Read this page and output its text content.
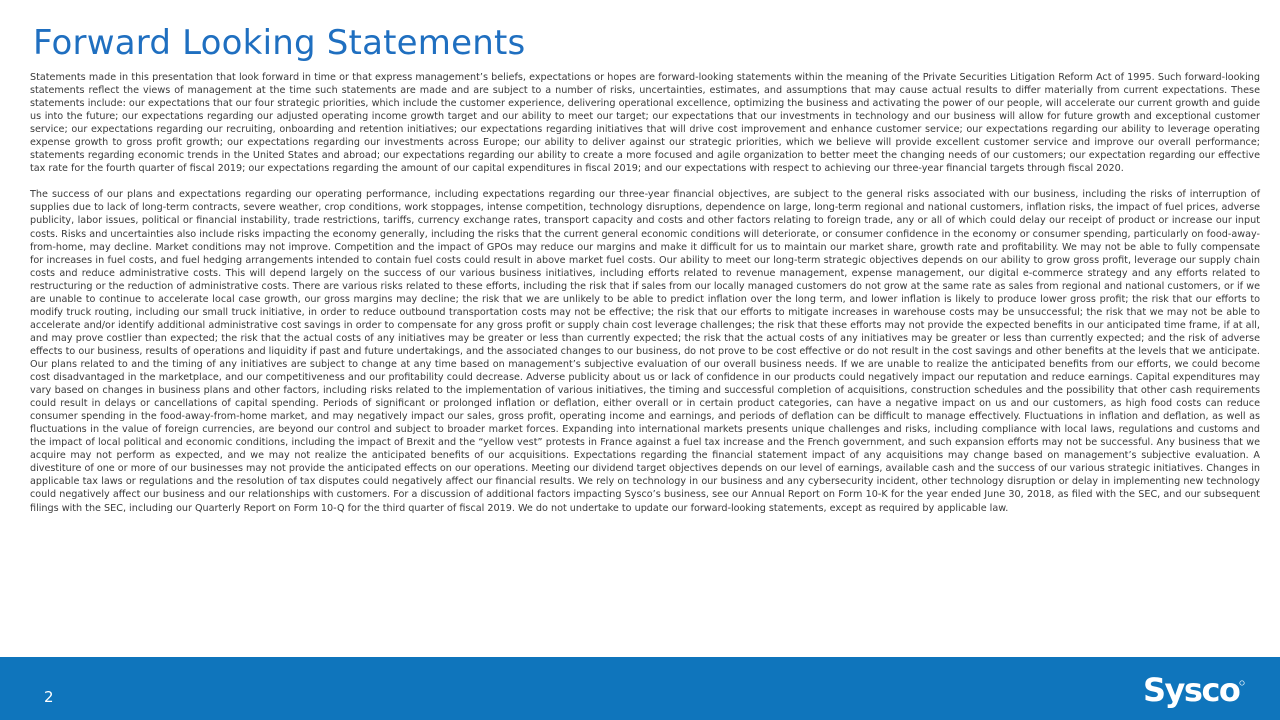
Forward Looking Statements

Statements made in this presentation that look forward in time or that express management’s beliefs, expectations or hopes are forward-looking statements within the meaning of the Private Securities Litigation Reform Act of 1995. Such forward-looking statements reflect the views of management at the time such statements are made and are subject to a number of risks, uncertainties, estimates, and assumptions that may cause actual results to differ materially from current expectations. These statements include: our expectations that our four strategic priorities, which include the customer experience, delivering operational excellence, optimizing the business and activating the power of our people, will accelerate our current growth and guide us into the future; our expectations regarding our adjusted operating income growth target and our ability to meet our target; our expectations that our investments in technology and our business will allow for future growth and exceptional customer service; our expectations regarding our recruiting, onboarding and retention initiatives; our expectations regarding initiatives that will drive cost improvement and enhance customer service; our expectations regarding our ability to leverage operating expense growth to gross profit growth; our expectations regarding our investments across Europe; our ability to deliver against our strategic priorities, which we believe will provide excellent customer service and improve our overall performance; statements regarding economic trends in the United States and abroad; our expectations regarding our ability to create a more focused and agile organization to better meet the changing needs of our customers; our expectation regarding our effective tax rate for the fourth quarter of fiscal 2019; our expectations regarding the amount of our capital expenditures in fiscal 2019; and our expectations with respect to achieving our three-year financial targets through fiscal 2020.

The success of our plans and expectations regarding our operating performance, including expectations regarding our three-year financial objectives, are subject to the general risks associated with our business, including the risks of interruption of supplies due to lack of long-term contracts, severe weather, crop conditions, work stoppages, intense competition, technology disruptions, dependence on large, long-term regional and national customers, inflation risks, the impact of fuel prices, adverse publicity, labor issues, political or financial instability, trade restrictions, tariffs, currency exchange rates, transport capacity and costs and other factors relating to foreign trade, any or all of which could delay our receipt of product or increase our input costs. Risks and uncertainties also include risks impacting the economy generally, including the risks that the current general economic conditions will deteriorate, or consumer confidence in the economy or consumer spending, particularly on food-away-from-home, may decline. Market conditions may not improve. Competition and the impact of GPOs may reduce our margins and make it difficult for us to maintain our market share, growth rate and profitability. We may not be able to fully compensate for increases in fuel costs, and fuel hedging arrangements intended to contain fuel costs could result in above market fuel costs. Our ability to meet our long-term strategic objectives depends on our ability to grow gross profit, leverage our supply chain costs and reduce administrative costs. This will depend largely on the success of our various business initiatives, including efforts related to revenue management, expense management, our digital e-commerce strategy and any efforts related to restructuring or the reduction of administrative costs. There are various risks related to these efforts, including the risk that if sales from our locally managed customers do not grow at the same rate as sales from regional and national customers, or if we are unable to continue to accelerate local case growth, our gross margins may decline; the risk that we are unlikely to be able to predict inflation over the long term, and lower inflation is likely to produce lower gross profit; the risk that our efforts to modify truck routing, including our small truck initiative, in order to reduce outbound transportation costs may not be effective; the risk that our efforts to mitigate increases in warehouse costs may be unsuccessful; the risk that we may not be able to accelerate and/or identify additional administrative cost savings in order to compensate for any gross profit or supply chain cost leverage challenges; the risk that these efforts may not provide the expected benefits in our anticipated time frame, if at all, and may prove costlier than expected; the risk that the actual costs of any initiatives may be greater or less than currently expected; the risk that the actual costs of any initiatives may be greater or less than currently expected; and the risk of adverse effects to our business, results of operations and liquidity if past and future undertakings, and the associated changes to our business, do not prove to be cost effective or do not result in the cost savings and other benefits at the levels that we anticipate. Our plans related to and the timing of any initiatives are subject to change at any time based on management’s subjective evaluation of our overall business needs. If we are unable to realize the anticipated benefits from our efforts, we could become cost disadvantaged in the marketplace, and our competitiveness and our profitability could decrease. Adverse publicity about us or lack of confidence in our products could negatively impact our reputation and reduce earnings. Capital expenditures may vary based on changes in business plans and other factors, including risks related to the implementation of various initiatives, the timing and successful completion of acquisitions, construction schedules and the possibility that other cash requirements could result in delays or cancellations of capital spending. Periods of significant or prolonged inflation or deflation, either overall or in certain product categories, can have a negative impact on us and our customers, as high food costs can reduce consumer spending in the food-away-from-home market, and may negatively impact our sales, gross profit, operating income and earnings, and periods of deflation can be difficult to manage effectively. Fluctuations in inflation and deflation, as well as fluctuations in the value of foreign currencies, are beyond our control and subject to broader market forces. Expanding into international markets presents unique challenges and risks, including compliance with local laws, regulations and customs and the impact of local political and economic conditions, including the impact of Brexit and the “yellow vest” protests in France against a fuel tax increase and the French government, and such expansion efforts may not be successful. Any business that we acquire may not perform as expected, and we may not realize the anticipated benefits of our acquisitions. Expectations regarding the financial statement impact of any acquisitions may change based on management’s subjective evaluation. A divestiture of one or more of our businesses may not provide the anticipated effects on our operations. Meeting our dividend target objectives depends on our level of earnings, available cash and the success of our various strategic initiatives. Changes in applicable tax laws or regulations and the resolution of tax disputes could negatively affect our financial results. We rely on technology in our business and any cybersecurity incident, other technology disruption or delay in implementing new technology could negatively affect our business and our relationships with customers. For a discussion of additional factors impacting Sysco’s business, see our Annual Report on Form 10-K for the year ended June 30, 2018, as filed with the SEC, and our subsequent filings with the SEC, including our Quarterly Report on Form 10-Q for the third quarter of fiscal 2019. We do not undertake to update our forward-looking statements, except as required by applicable law.

2	Sysco
